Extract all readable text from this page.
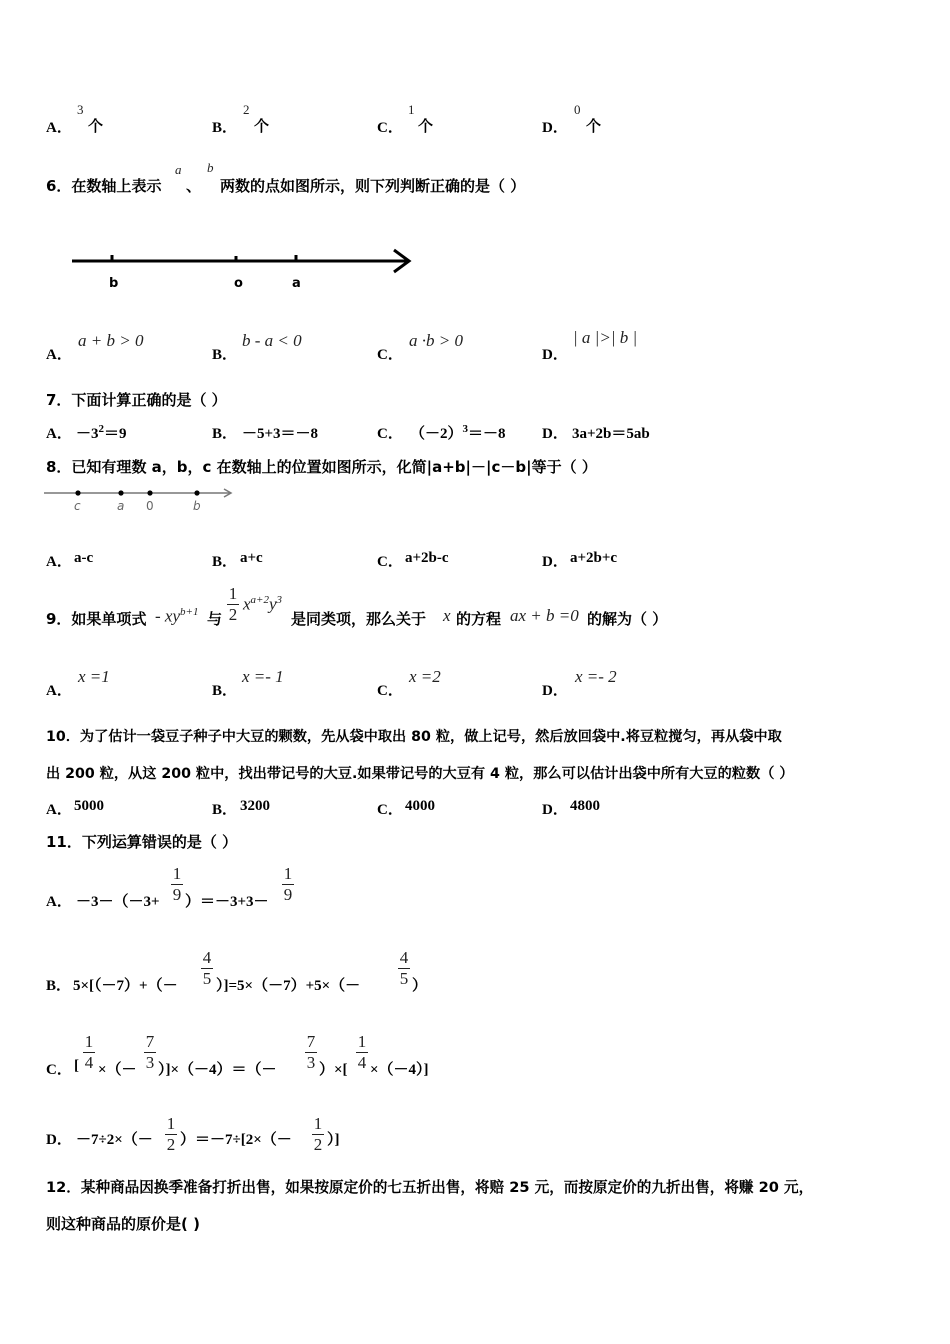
A．
3
个	B．
2
个	C．
1
个	D．
0
个
6．在数轴上表示
a
、
b
两数的点如图所示，则下列判断正确的是（ ）
b	o	a
A．
a + b > 0
B．
b - a < 0
C．
a ·b > 0
D．
| a |>| b |
7．下面计算正确的是（ ）
A． $-3^2=9$	B． －5+3＝－8	C． $(-2)^3=-8$ D． 3a+2b＝5ab
8．已知有理数 a，b，c 在数轴上的位置如图所示，化简|a+b|－|c－b|等于（ ）
c	a 0	b
A． a-c	B． a+c	C． a+2b-c	D． a+2b+c
9．如果单项式 - $xy^{b+1}$ 与
1
2
$x^{a+2}y^3$
是同类项，那么关于 x 的方程 ax + b =0 的解为（ ）
A．
x =1
B．
x =- 1
C．
x =2
D．
x =- 2
10．为了估计一袋豆子种子中大豆的颗数，先从袋中取出 80 粒，做上记号，然后放回袋中.将豆粒搅匀，再从袋中取
出 200 粒，从这 200 粒中，找出带记号的大豆.如果带记号的大豆有 4 粒，那么可以估计出袋中所有大豆的粒数（ ）
A． 5000	B． 3200	C． 4000	D． 4800
11．下列运算错误的是（ ）
A． －3－（－3+
1
9 ）＝－3+3－
1
9
B． 5×[（－7）+（－
4
5 ）]=5×（－7）+5×（－
4
5 ）
C． [
1
4 ×（－
7
3 ）]×（－4）＝（－
7
3 ）×[
1
4 ×（－4）]
D． －7÷2×（－
1
2 ）＝－7÷[2×（－
1
2 ）]
12．某种商品因换季准备打折出售，如果按原定价的七五折出售，将赔 25 元，而按原定价的九折出售，将赚 20 元，
则这种商品的原价是( )
